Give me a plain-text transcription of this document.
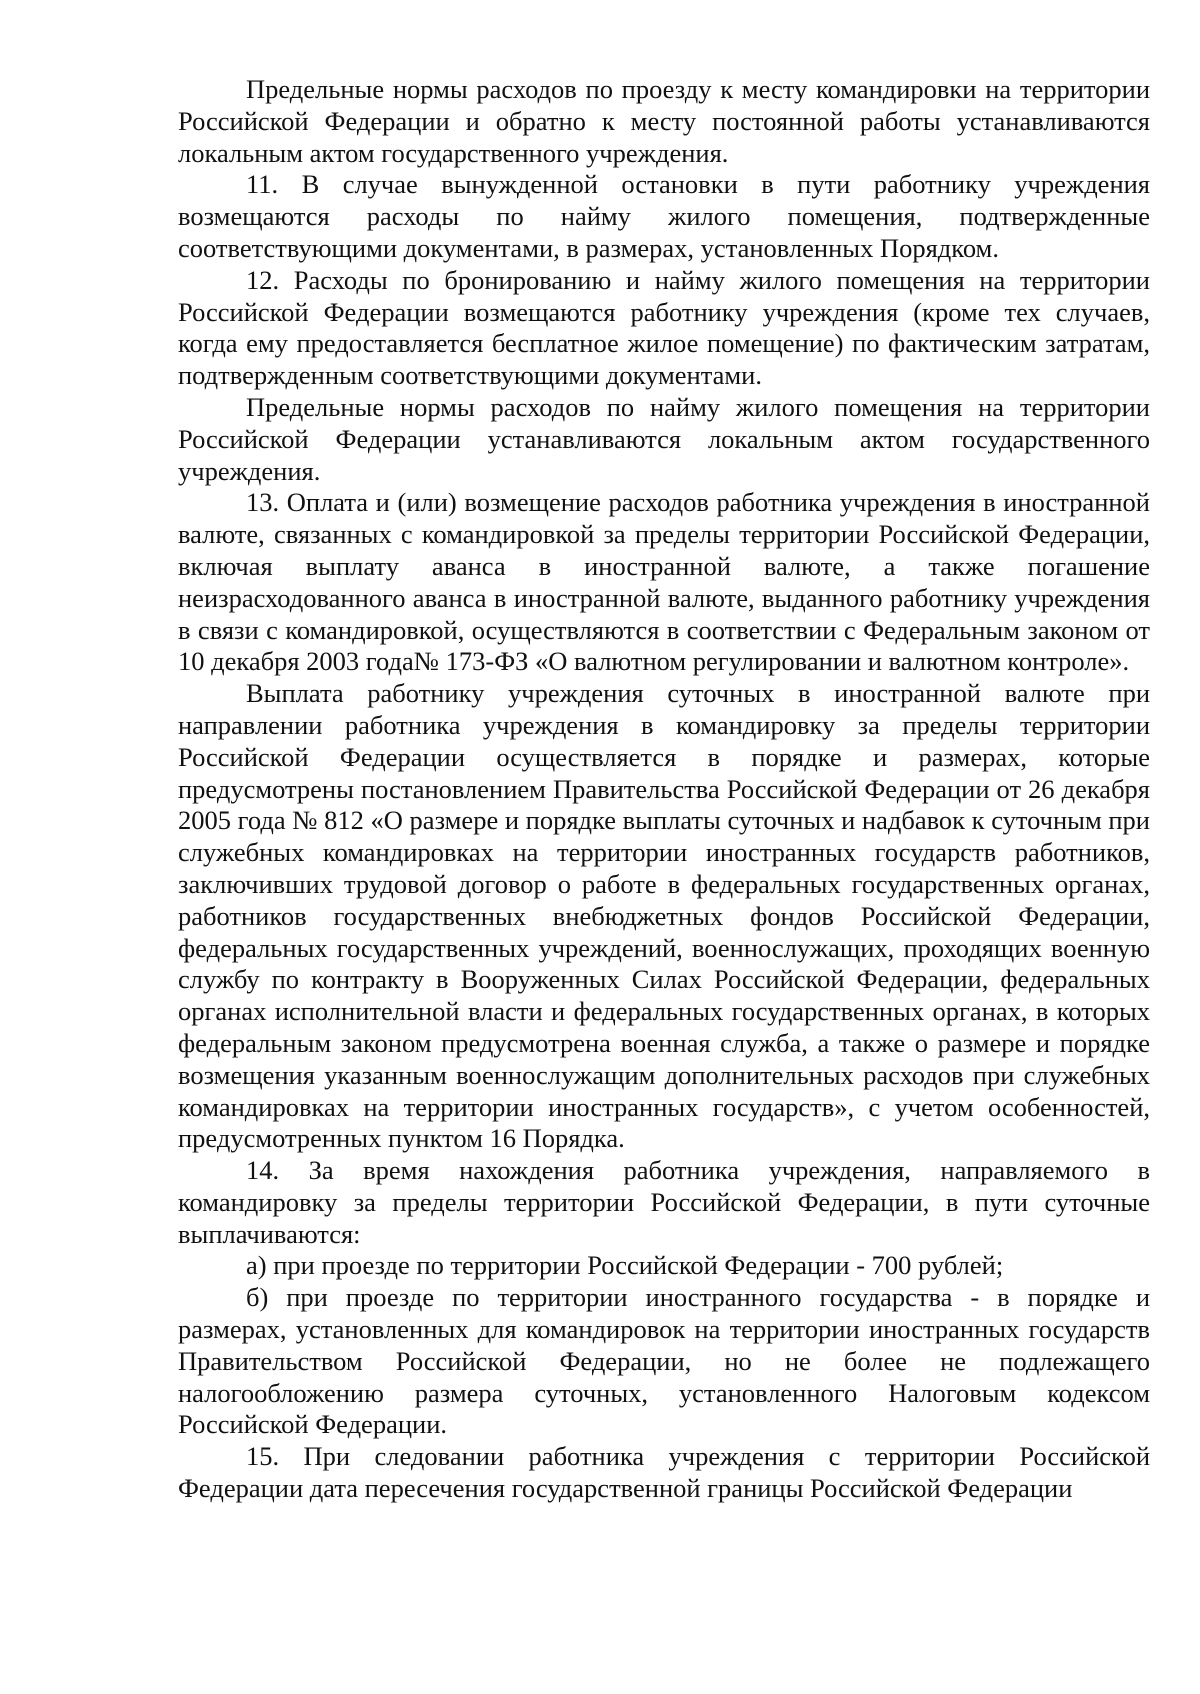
Предельные нормы расходов по проезду к месту командировки на территории Российской Федерации и обратно к месту постоянной работы устанавливаются локальным актом государственного учреждения.

11. В случае вынужденной остановки в пути работнику учреждения возмещаются расходы по найму жилого помещения, подтвержденные соответствующими документами, в размерах, установленных Порядком.

12. Расходы по бронированию и найму жилого помещения на территории Российской Федерации возмещаются работнику учреждения (кроме тех случаев, когда ему предоставляется бесплатное жилое помещение) по фактическим затратам, подтвержденным соответствующими документами.

Предельные нормы расходов по найму жилого помещения на территории Российской Федерации устанавливаются локальным актом государственного учреждения.

13. Оплата и (или) возмещение расходов работника учреждения в иностранной валюте, связанных с командировкой за пределы территории Российской Федерации, включая выплату аванса в иностранной валюте, а также погашение неизрасходованного аванса в иностранной валюте, выданного работнику учреждения в связи с командировкой, осуществляются в соответствии с Федеральным законом от 10 декабря 2003 года№ 173-ФЗ «О валютном регулировании и валютном контроле».

Выплата работнику учреждения суточных в иностранной валюте при направлении работника учреждения в командировку за пределы территории Российской Федерации осуществляется в порядке и размерах, которые предусмотрены постановлением Правительства Российской Федерации от 26 декабря 2005 года № 812 «О размере и порядке выплаты суточных и надбавок к суточным при служебных командировках на территории иностранных государств работников, заключивших трудовой договор о работе в федеральных государственных органах, работников государственных внебюджетных фондов Российской Федерации, федеральных государственных учреждений, военнослужащих, проходящих военную службу по контракту в Вооруженных Силах Российской Федерации, федеральных органах исполнительной власти и федеральных государственных органах, в которых федеральным законом предусмотрена военная служба, а также о размере и порядке возмещения указанным военнослужащим дополнительных расходов при служебных командировках на территории иностранных государств», с учетом особенностей, предусмотренных пунктом 16 Порядка.

14. За время нахождения работника учреждения, направляемого в командировку за пределы территории Российской Федерации, в пути суточные выплачиваются:

а) при проезде по территории Российской Федерации - 700 рублей;

б) при проезде по территории иностранного государства - в порядке и размерах, установленных для командировок на территории иностранных государств Правительством Российской Федерации, но не более не подлежащего налогообложению размера суточных, установленного Налоговым кодексом Российской Федерации.

15. При следовании работника учреждения с территории Российской Федерации дата пересечения государственной границы Российской Федерации
